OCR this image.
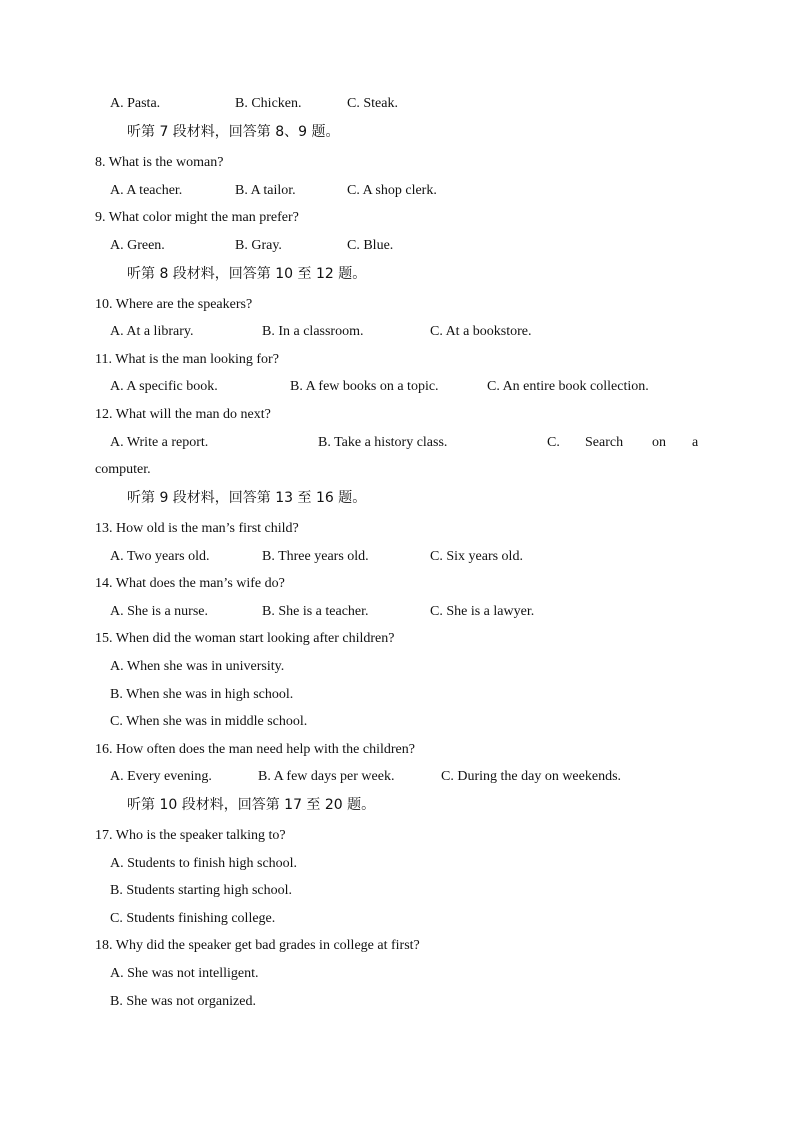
A. Pasta.	B. Chicken.	C. Steak.
听第 7 段材料，回答第 8、9 题。
8. What is the woman?
A. A teacher.	B. A tailor.	C. A shop clerk.
9. What color might the man prefer?
A. Green.	B. Gray.	C. Blue.
听第 8 段材料，回答第 10 至 12 题。
10. Where are the speakers?
A. At a library.	B. In a classroom.	C. At a bookstore.
11. What is the man looking for?
A. A specific book.	B. A few books on a topic.	C. An entire book collection.
12. What will the man do next?
A. Write a report.	B. Take a history class.	C. Search on a
computer.
听第 9 段材料，回答第 13 至 16 题。
13. How old is the man’s first child?
A. Two years old.	B. Three years old.	C. Six years old.
14. What does the man’s wife do?
A. She is a nurse.	B. She is a teacher.	C. She is a lawyer.
15. When did the woman start looking after children?
A. When she was in university.
B. When she was in high school.
C. When she was in middle school.
16. How often does the man need help with the children?
A. Every evening.	B. A few days per week.	C. During the day on weekends.
听第 10 段材料，回答第 17 至 20 题。
17. Who is the speaker talking to?
A. Students to finish high school.
B. Students starting high school.
C. Students finishing college.
18. Why did the speaker get bad grades in college at first?
A. She was not intelligent.
B. She was not organized.
